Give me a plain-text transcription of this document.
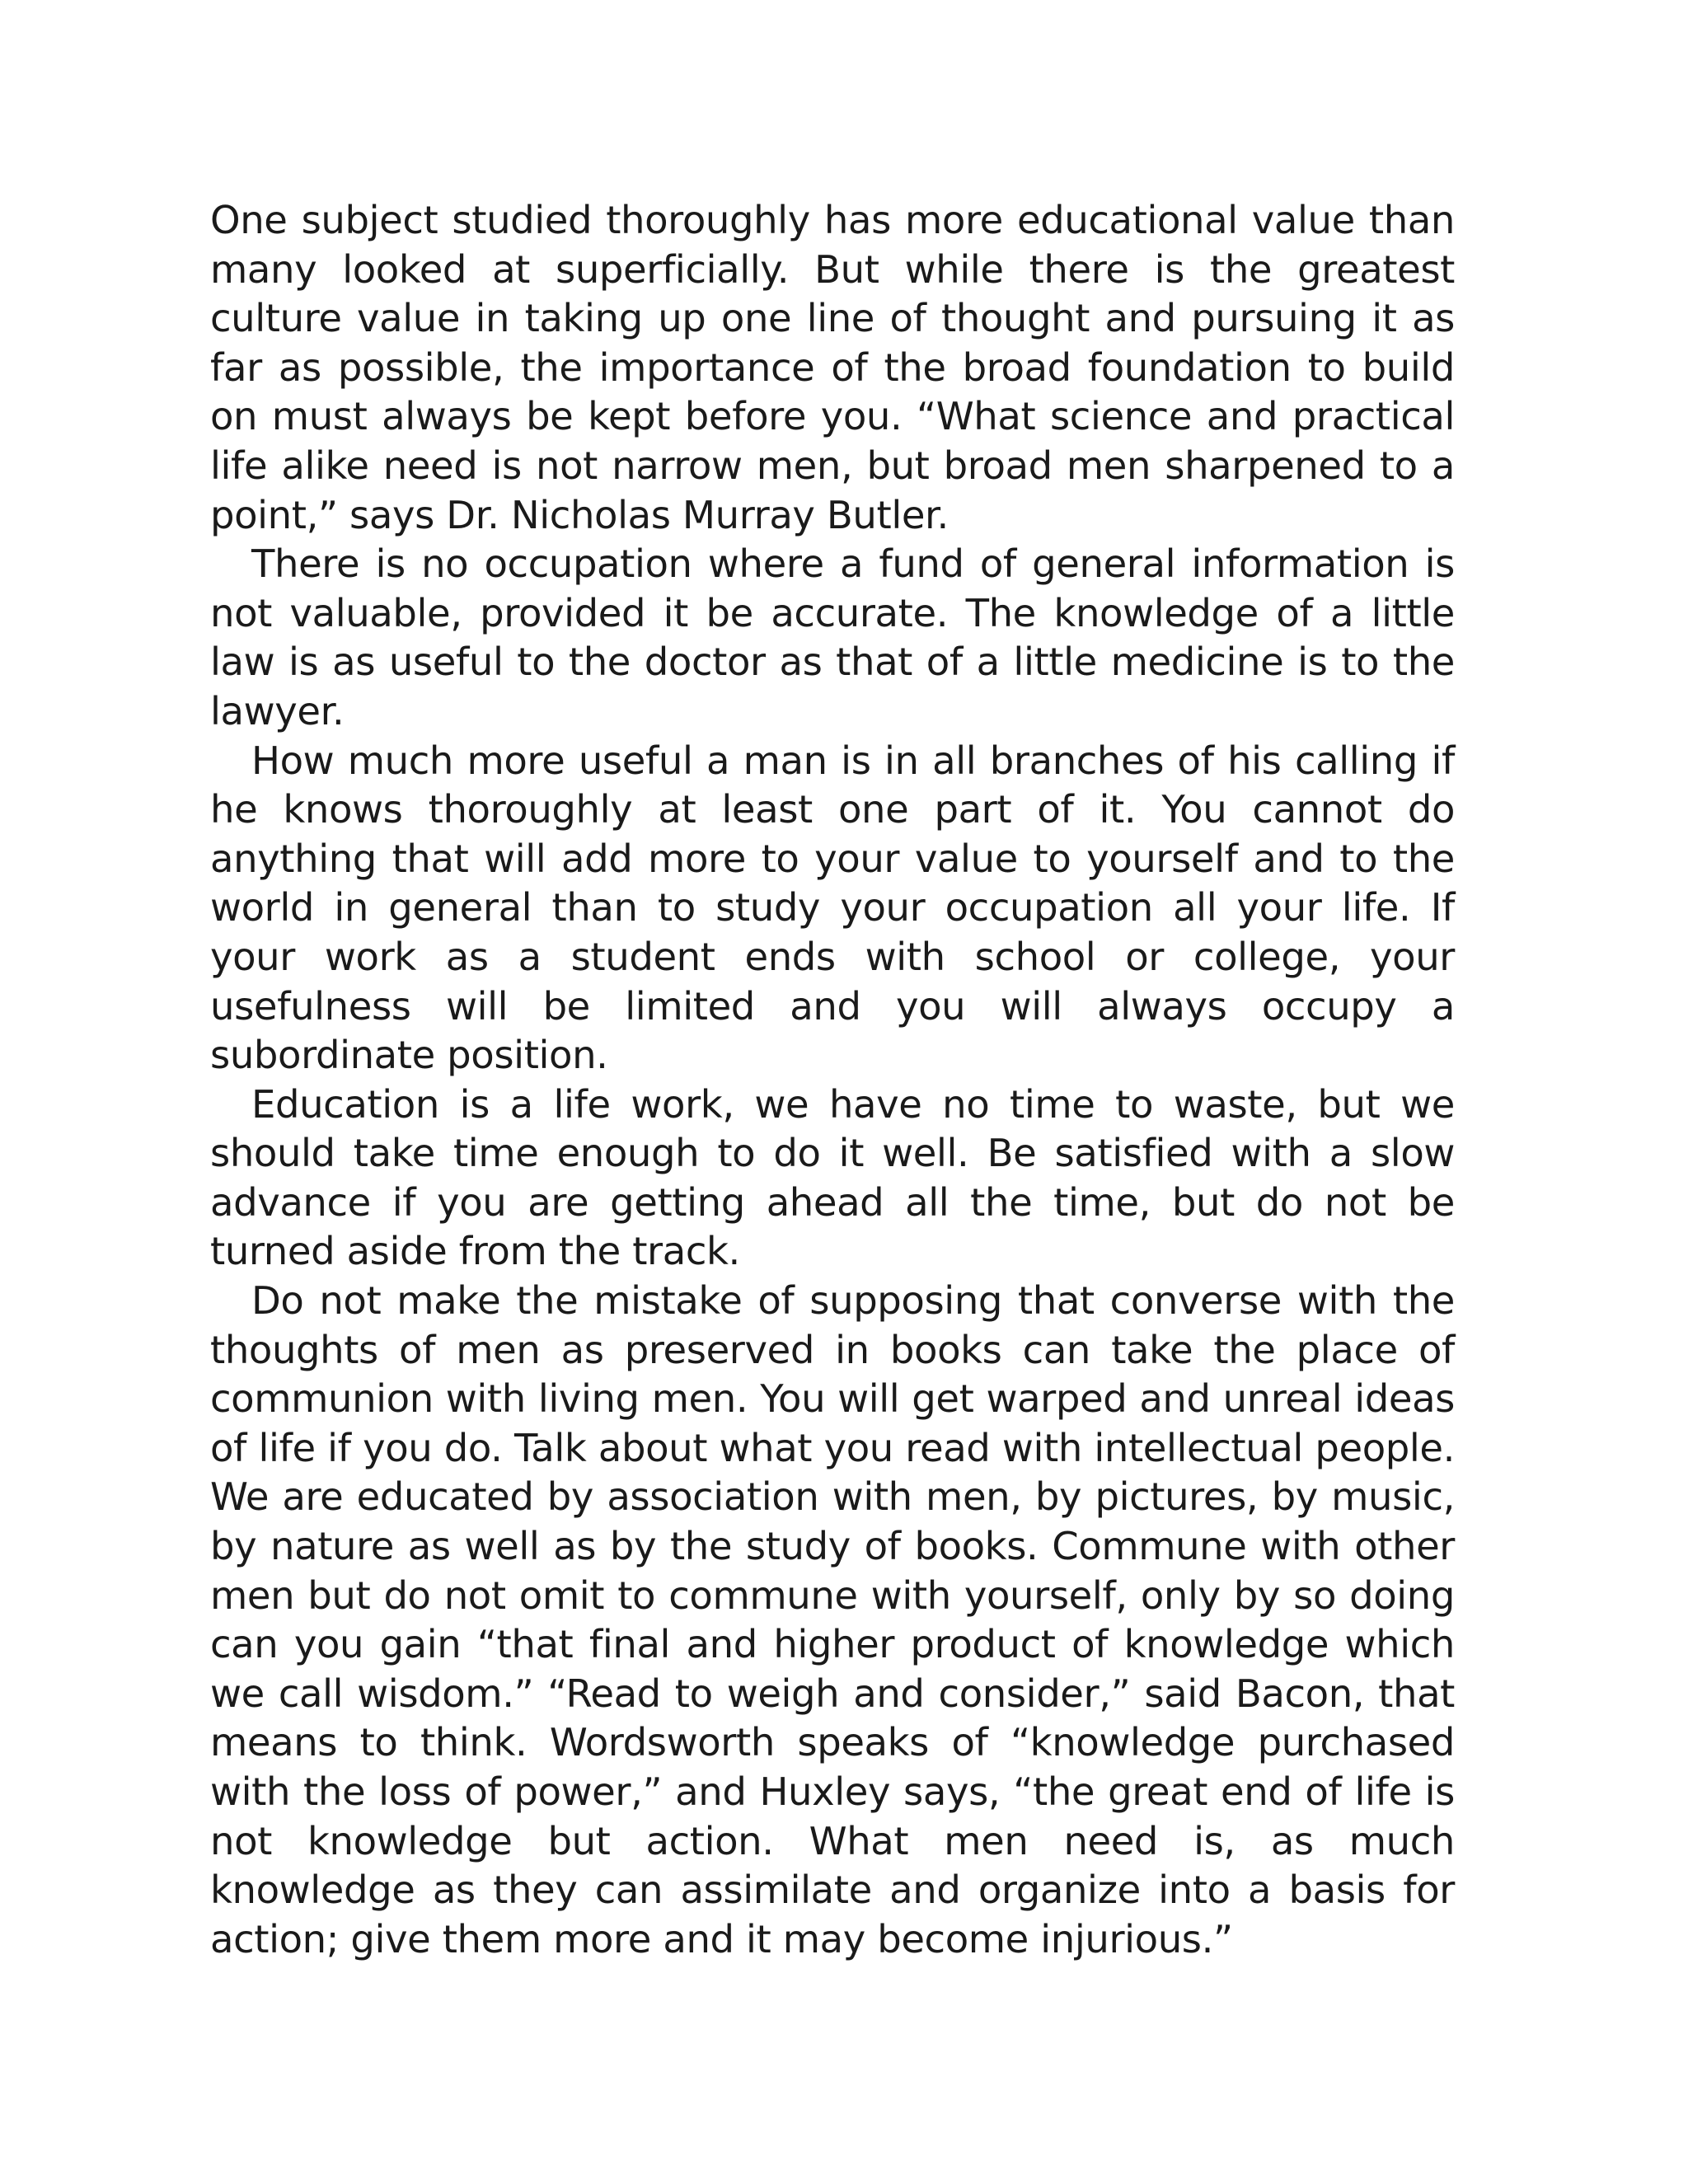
One subject studied thoroughly has more educational value than many looked at superficially. But while there is the greatest culture value in taking up one line of thought and pursuing it as far as possible, the importance of the broad foundation to build on must always be kept before you. “What science and practical life alike need is not narrow men, but broad men sharpened to a point,” says Dr. Nicholas Murray Butler.

There is no occupation where a fund of general information is not valuable, provided it be accurate. The knowledge of a little law is as useful to the doctor as that of a little medicine is to the lawyer.

How much more useful a man is in all branches of his calling if he knows thoroughly at least one part of it. You cannot do anything that will add more to your value to yourself and to the world in general than to study your occupation all your life. If your work as a student ends with school or college, your usefulness will be limited and you will always occupy a subordinate position.

Education is a life work, we have no time to waste, but we should take time enough to do it well. Be satisfied with a slow advance if you are getting ahead all the time, but do not be turned aside from the track.

Do not make the mistake of supposing that converse with the thoughts of men as preserved in books can take the place of communion with living men. You will get warped and unreal ideas of life if you do. Talk about what you read with intellectual people. We are educated by association with men, by pictures, by music, by nature as well as by the study of books. Commune with other men but do not omit to commune with yourself, only by so doing can you gain “that final and higher product of knowledge which we call wisdom.” “Read to weigh and consider,” said Bacon, that means to think. Wordsworth speaks of “knowledge purchased with the loss of power,” and Huxley says, “the great end of life is not knowledge but action. What men need is, as much knowledge as they can assimilate and organize into a basis for action; give them more and it may become injurious.”
